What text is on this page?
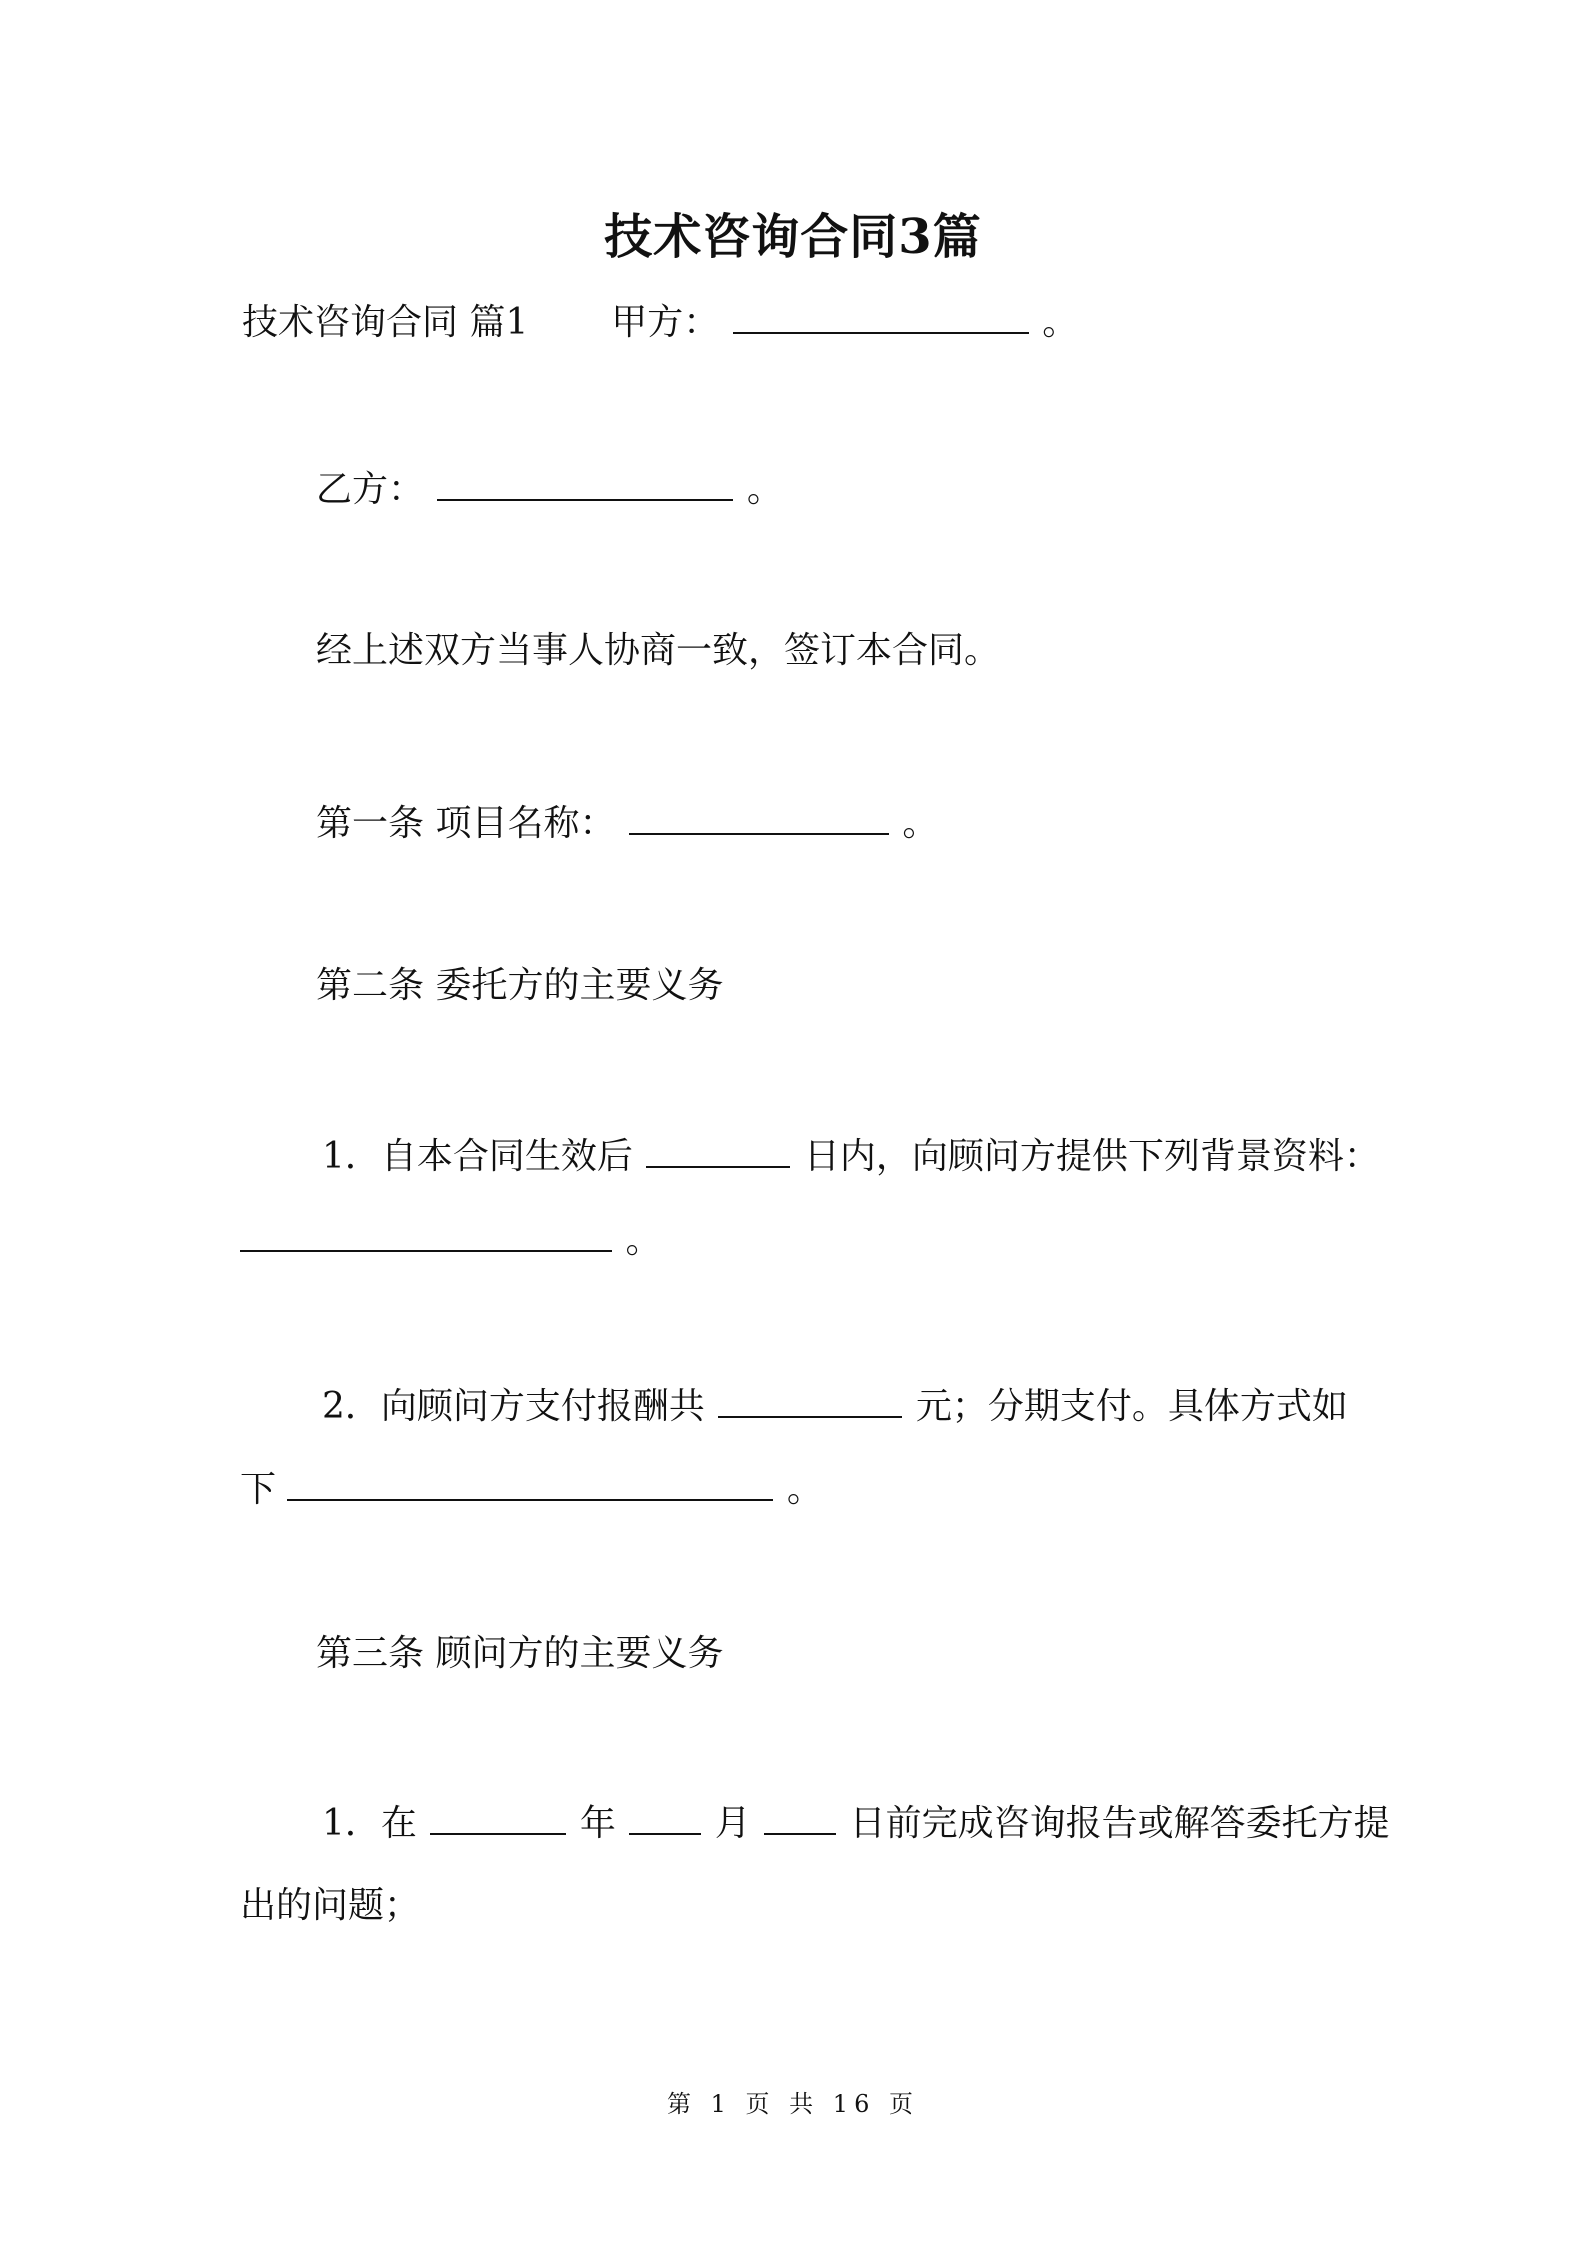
技术咨询合同3篇
技术咨询合同 篇1 甲方：	。
乙方：	。
经上述双方当事人协商一致，签订本合同。
第一条 项目名称：	。
第二条 委托方的主要义务
1．自本合同生效后	日内，向顾问方提供下列背景资料：
。
2．向顾问方支付报酬共	元；分期支付。具体方式如
下	。
第三条 顾问方的主要义务
1．在	年	月	日前完成咨询报告或解答委托方提
出的问题；
第 1 页 共 16 页
